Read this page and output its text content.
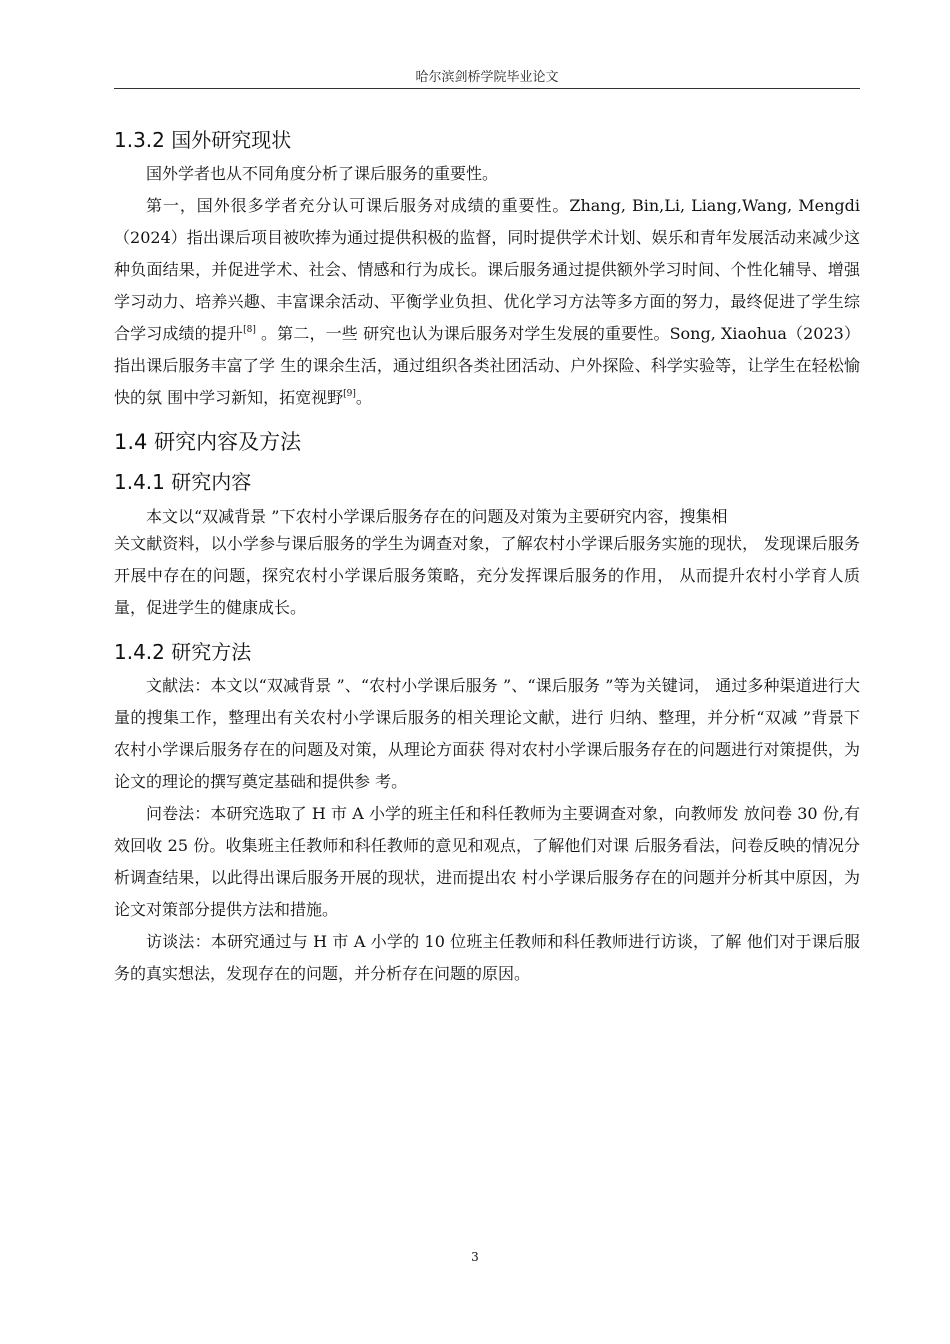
哈尔滨剑桥学院毕业论文
1.3.2 国外研究现状

国外学者也从不同角度分析了课后服务的重要性。

第一，国外很多学者充分认可课后服务对成绩的重要性。Zhang, Bin,Li, Liang,Wang, Mengdi（2024）指出课后项目被吹捧为通过提供积极的监督，同时提供学术计划、娱乐和青年发展活动来减少这种负面结果，并促进学术、社会、情感和行为成长。课后服务通过提供额外学习时间、个性化辅导、增强学习动力、培养兴趣、丰富课余活动、平衡学业负担、优化学习方法等多方面的努力，最终促进了学生综合学习成绩的提升[8] 。第二，一些 研究也认为课后服务对学生发展的重要性。Song, Xiaohua（2023）指出课后服务丰富了学 生的课余生活，通过组织各类社团活动、户外探险、科学实验等，让学生在轻松愉快的氛 围中学习新知，拓宽视野[9]。

1.4 研究内容及方法
1.4.1 研究内容

本文以“双减背景 ”下农村小学课后服务存在的问题及对策为主要研究内容，搜集相

关文献资料，以小学参与课后服务的学生为调查对象，了解农村小学课后服务实施的现状， 发现课后服务开展中存在的问题，探究农村小学课后服务策略，充分发挥课后服务的作用， 从而提升农村小学育人质量，促进学生的健康成长。

1.4.2 研究方法

文献法：本文以“双减背景 ”、“农村小学课后服务 ”、“课后服务 ”等为关键词， 通过多种渠道进行大量的搜集工作，整理出有关农村小学课后服务的相关理论文献，进行 归纳、整理，并分析“双减 ”背景下农村小学课后服务存在的问题及对策，从理论方面获 得对农村小学课后服务存在的问题进行对策提供，为论文的理论的撰写奠定基础和提供参 考。

问卷法：本研究选取了 H 市 A 小学的班主任和科任教师为主要调查对象，向教师发 放问卷 30 份,有效回收 25 份。收集班主任教师和科任教师的意见和观点，了解他们对课 后服务看法，问卷反映的情况分析调查结果，以此得出课后服务开展的现状，进而提出农 村小学课后服务存在的问题并分析其中原因，为论文对策部分提供方法和措施。

访谈法：本研究通过与 H 市 A 小学的 10 位班主任教师和科任教师进行访谈，了解 他们对于课后服务的真实想法，发现存在的问题，并分析存在问题的原因。

3
